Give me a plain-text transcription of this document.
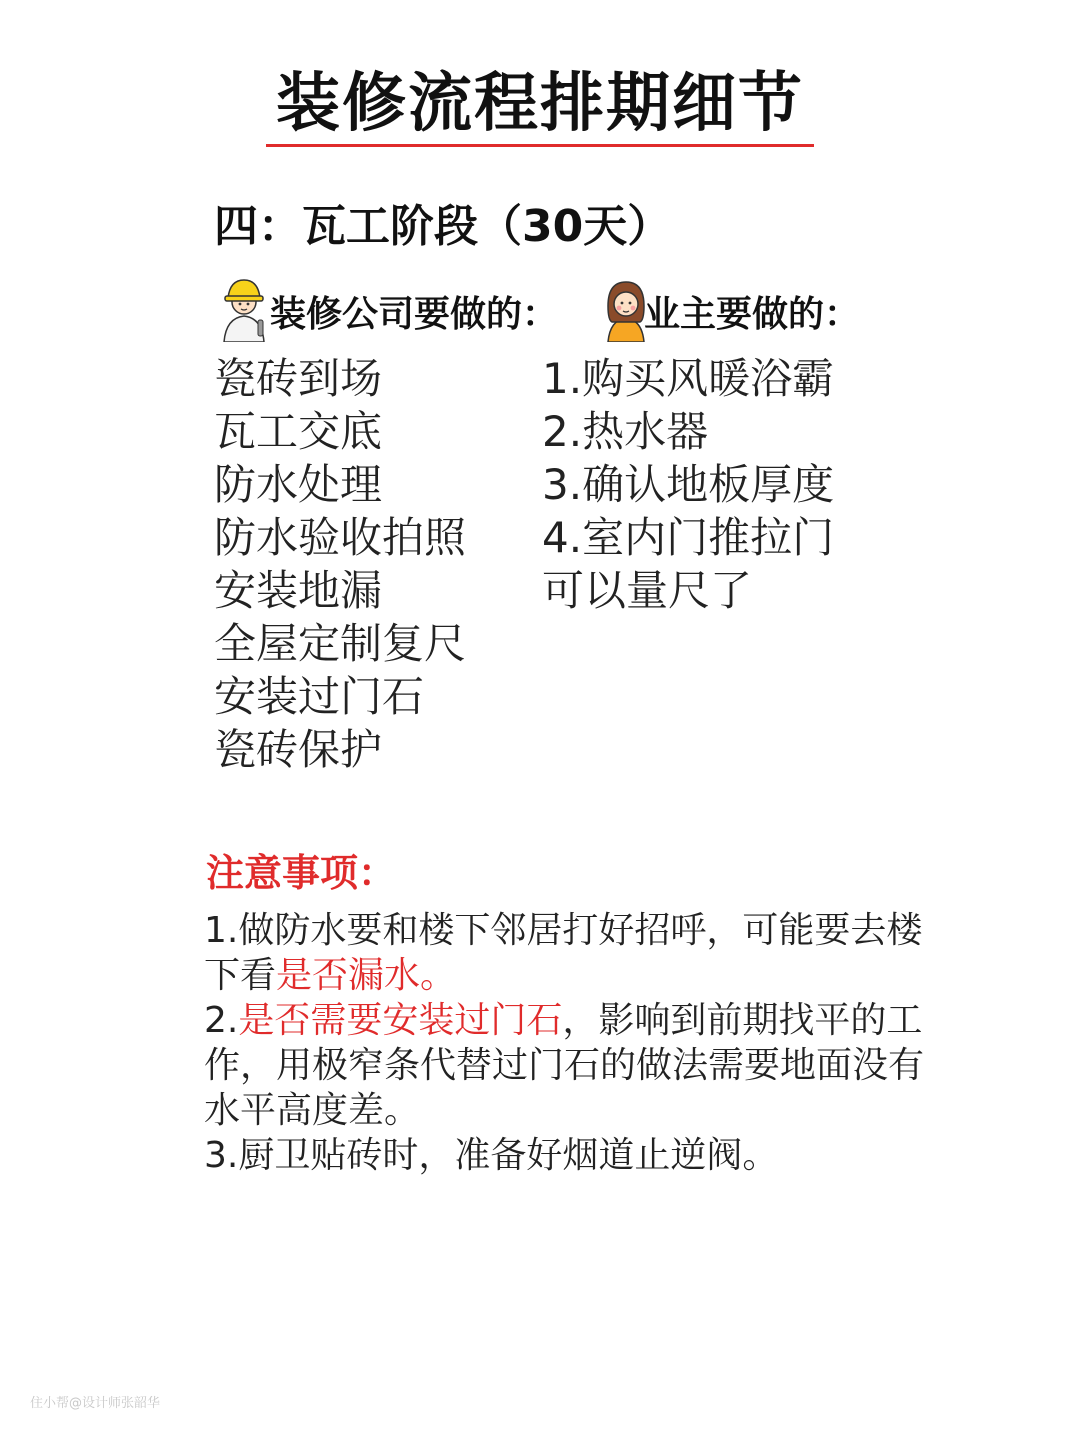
装修流程排期细节
四：瓦工阶段（30天）
装修公司要做的： 业主要做的：
瓷砖到场
瓦工交底
防水处理
防水验收拍照
安装地漏
全屋定制复尺
安装过门石
瓷砖保护
1.购买风暖浴霸
2.热水器
3.确认地板厚度
4.室内门推拉门
可以量尺了
注意事项：

1.做防水要和楼下邻居打好招呼，可能要去楼下看是否漏水。

2.是否需要安装过门石，影响到前期找平的工作，用极窄条代替过门石的做法需要地面没有水平高度差。

3.厨卫贴砖时，准备好烟道止逆阀。

住小帮@设计师张韶华
